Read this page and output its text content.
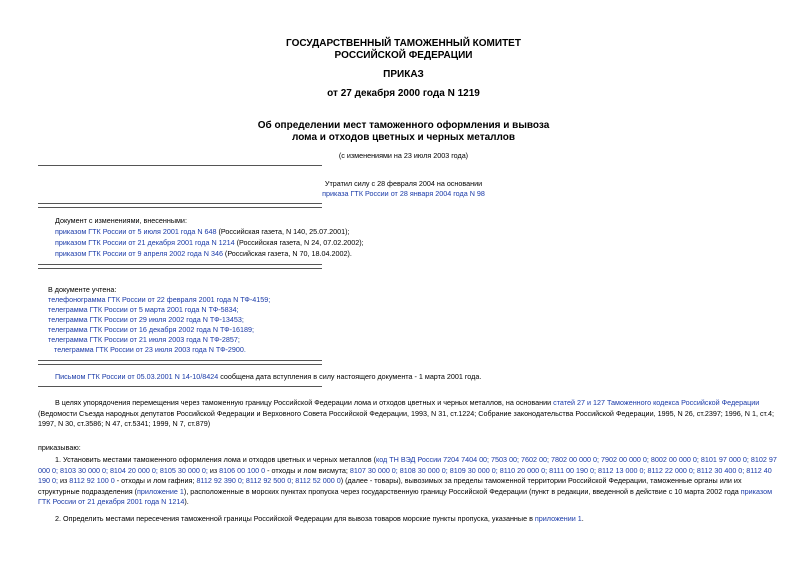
ГОСУДАРСТВЕННЫЙ ТАМОЖЕННЫЙ КОМИТЕТ
РОССИЙСКОЙ ФЕДЕРАЦИИ
ПРИКАЗ
от 27 декабря 2000 года N 1219
Об определении мест таможенного оформления и вывоза
лома и отходов цветных и черных металлов
(с изменениями на 23 июля 2003 года)
Утратил силу с 28 февраля 2004 на основании
приказа ГТК России от 28 января 2004 года N 98
Документ с изменениями, внесенными:
приказом ГТК России от 5 июля 2001 года N 648 (Российская газета, N 140, 25.07.2001);
приказом ГТК России от 21 декабря 2001 года N 1214 (Российская газета, N 24, 07.02.2002);
приказом ГТК России от 9 апреля 2002 года N 346 (Российская газета, N 70, 18.04.2002).
В документе учтена:
телефонограмма ГТК России от 22 февраля 2001 года N ТФ-4159;
телеграмма ГТК России от 5 марта 2001 года N ТФ-5834;
телеграмма ГТК России от 29 июля 2002 года N ТФ-13453;
телеграмма ГТК России от 16 декабря 2002 года N ТФ-16189;
телеграмма ГТК России от 21 июля 2003 года N ТФ-2857;
телеграмма ГТК России от 23 июля 2003 года N ТФ-2900.
Письмом ГТК России от 05.03.2001 N 14-10/8424 сообщена дата вступления в силу настоящего документа - 1 марта 2001 года.
В целях упорядочения перемещения через таможенную границу Российской Федерации лома и отходов цветных и черных металлов, на основании статей 27 и 127 Таможенного кодекса Российской Федерации (Ведомости Съезда народных депутатов Российской Федерации и Верховного Совета Российской Федерации, 1993, N 31, ст.1224; Собрание законодательства Российской Федерации, 1995, N 26, ст.2397; 1996, N 1, ст.4; 1997, N 30, ст.3586; N 47, ст.5341; 1999, N 7, ст.879)
приказываю:
1. Установить местами таможенного оформления лома и отходов цветных и черных металлов (код ТН ВЭД России 7204 7404 00; 7503 00; 7602 00; 7802 00 000 0; 7902 00 000 0; 8002 00 000 0; 8101 97 000 0; 8102 97 000 0; 8103 30 000 0; 8104 20 000 0; 8105 30 000 0; из 8106 00 100 0 - отходы и лом висмута; 8107 30 000 0; 8108 30 000 0; 8109 30 000 0; 8110 20 000 0; 8111 00 190 0; 8112 13 000 0; 8112 22 000 0; 8112 30 400 0; 8112 40 190 0; из 8112 92 100 0 - отходы и лом гафния; 8112 92 390 0; 8112 92 500 0; 8112 52 000 0) (далее - товары), вывозимых за пределы таможенной территории Российской Федерации, таможенные органы или их структурные подразделения (приложение 1), расположенные в морских пунктах пропуска через государственную границу Российской Федерации (пункт в редакции, введенной в действие с 10 марта 2002 года приказом ГТК России от 21 декабря 2001 года N 1214).
2. Определить местами пересечения таможенной границы Российской Федерации для вывоза товаров морские пункты пропуска, указанные в приложении 1.
